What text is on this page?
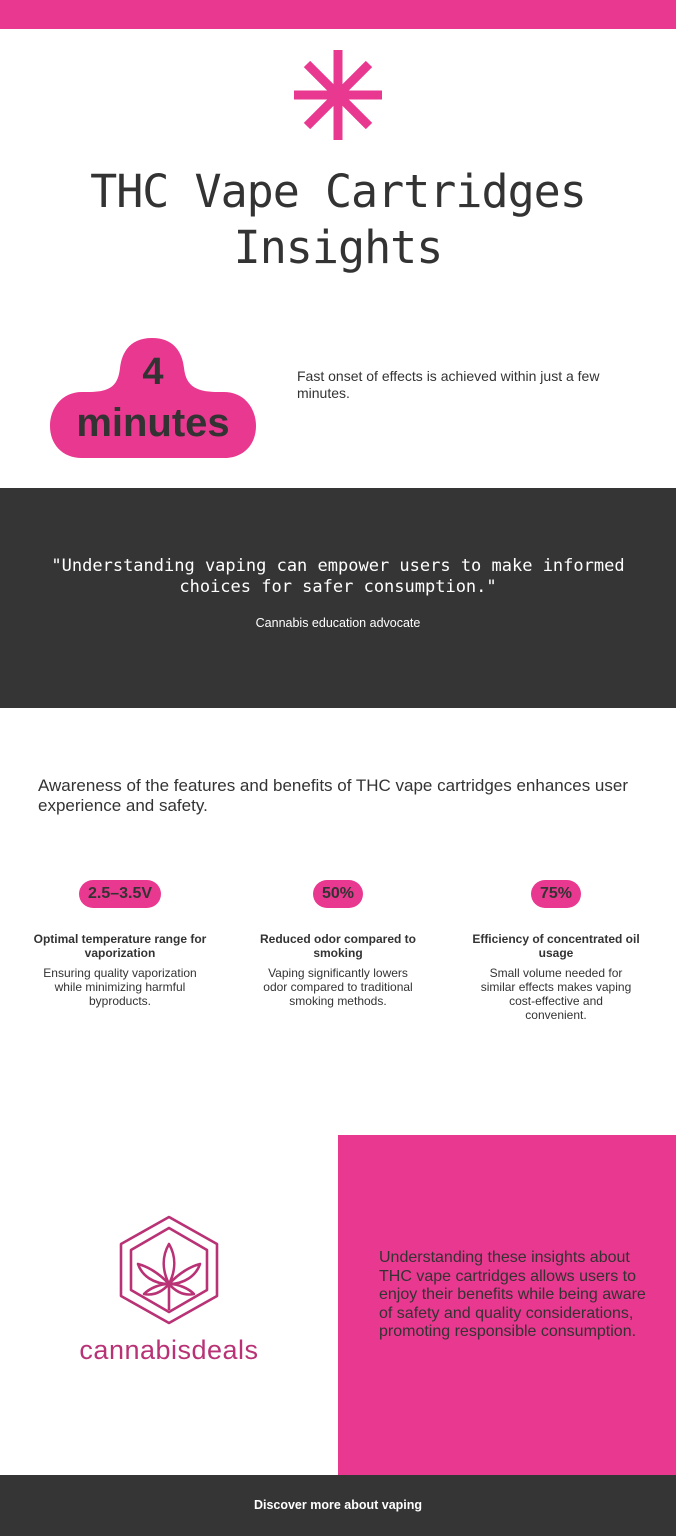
THC Vape Cartridges
Insights
4
minutes

Fast onset of effects is achieved within just a few minutes.

"Understanding vaping can empower users to make informed choices for safer consumption."

Cannabis education advocate

Awareness of the features and benefits of THC vape cartridges enhances user experience and safety.

2.5–3.5V
Optimal temperature range for vaporization
Ensuring quality vaporization while minimizing harmful byproducts.
50%
Reduced odor compared to smoking
Vaping significantly lowers odor compared to traditional smoking methods.
75%
Efficiency of concentrated oil usage
Small volume needed for similar effects makes vaping cost-effective and convenient.
cannabisdeals

Understanding these insights about THC vape cartridges allows users to enjoy their benefits while being aware of safety and quality considerations, promoting responsible consumption.

Discover more about vaping
